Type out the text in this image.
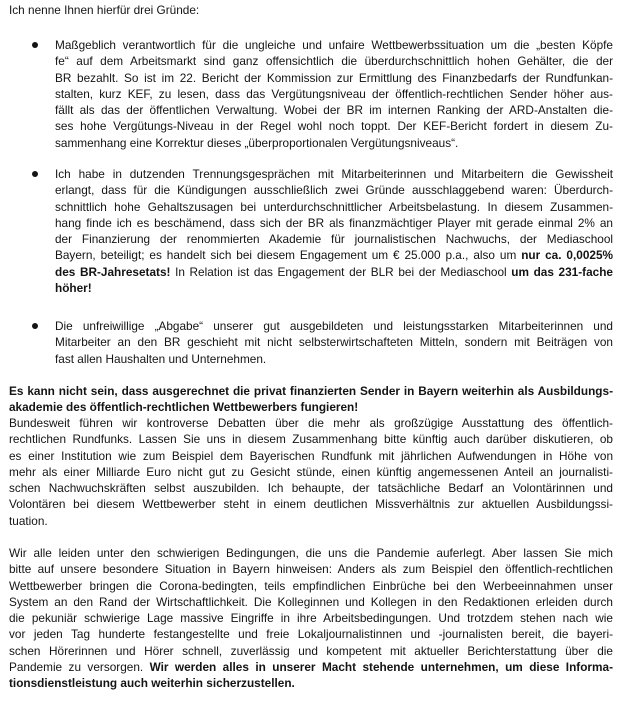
Ich nenne Ihnen hierfür drei Gründe:
Maßgeblich verantwortlich für die ungleiche und unfaire Wettbewerbssituation um die „besten Köpfe
fe“ auf dem Arbeitsmarkt sind ganz offensichtlich die überdurchschnittlich hohen Gehälter, die der
BR bezahlt. So ist im 22. Bericht der Kommission zur Ermittlung des Finanzbedarfs der Rundfunkan-
stalten, kurz KEF, zu lesen, dass das Vergütungsniveau der öffentlich-rechtlichen Sender höher aus-
fällt als das der öffentlichen Verwaltung. Wobei der BR im internen Ranking der ARD-Anstalten die-
ses hohe Vergütungs-Niveau in der Regel wohl noch toppt. Der KEF-Bericht fordert in diesem Zu-
sammenhang eine Korrektur dieses „überproportionalen Vergütungsniveaus“.
Ich habe in dutzenden Trennungsgesprächen mit Mitarbeiterinnen und Mitarbeitern die Gewissheit
erlangt, dass für die Kündigungen ausschließlich zwei Gründe ausschlaggebend waren: Überdurch-
schnittlich hohe Gehaltszusagen bei unterdurchschnittlicher Arbeitsbelastung. In diesem Zusammen-
hang finde ich es beschämend, dass sich der BR als finanzmächtiger Player mit gerade einmal 2% an
der Finanzierung der renommierten Akademie für journalistischen Nachwuchs, der Mediaschool
Bayern, beteiligt; es handelt sich bei diesem Engagement um € 25.000 p.a., also um nur ca. 0,0025%
des BR-Jahresetats! In Relation ist das Engagement der BLR bei der Mediaschool um das 231-fache
höher!
Die unfreiwillige „Abgabe“ unserer gut ausgebildeten und leistungsstarken Mitarbeiterinnen und
Mitarbeiter an den BR geschieht mit nicht selbsterwirtschafteten Mitteln, sondern mit Beiträgen von
fast allen Haushalten und Unternehmen.
Es kann nicht sein, dass ausgerechnet die privat finanzierten Sender in Bayern weiterhin als Ausbildungs-
akademie des öffentlich-rechtlichen Wettbewerbers fungieren!
Bundesweit führen wir kontroverse Debatten über die mehr als großzügige Ausstattung des öffentlich-
rechtlichen Rundfunks. Lassen Sie uns in diesem Zusammenhang bitte künftig auch darüber diskutieren, ob
es einer Institution wie zum Beispiel dem Bayerischen Rundfunk mit jährlichen Aufwendungen in Höhe von
mehr als einer Milliarde Euro nicht gut zu Gesicht stünde, einen künftig angemessenen Anteil an journalisti-
schen Nachwuchskräften selbst auszubilden. Ich behaupte, der tatsächliche Bedarf an Volontärinnen und
Volontären bei diesem Wettbewerber steht in einem deutlichen Missverhältnis zur aktuellen Ausbildungssi-
tuation.
Wir alle leiden unter den schwierigen Bedingungen, die uns die Pandemie auferlegt. Aber lassen Sie mich
bitte auf unsere besondere Situation in Bayern hinweisen: Anders als zum Beispiel den öffentlich-rechtlichen
Wettbewerber bringen die Corona-bedingten, teils empfindlichen Einbrüche bei den Werbeeinnahmen unser
System an den Rand der Wirtschaftlichkeit. Die Kolleginnen und Kollegen in den Redaktionen erleiden durch
die pekuniär schwierige Lage massive Eingriffe in ihre Arbeitsbedingungen. Und trotzdem stehen nach wie
vor jeden Tag hunderte festangestellte und freie Lokaljournalistinnen und -journalisten bereit, die bayeri-
schen Hörerinnen und Hörer schnell, zuverlässig und kompetent mit aktueller Berichterstattung über die
Pandemie zu versorgen. Wir werden alles in unserer Macht stehende unternehmen, um diese Informa-
tionsdienstleistung auch weiterhin sicherzustellen.
